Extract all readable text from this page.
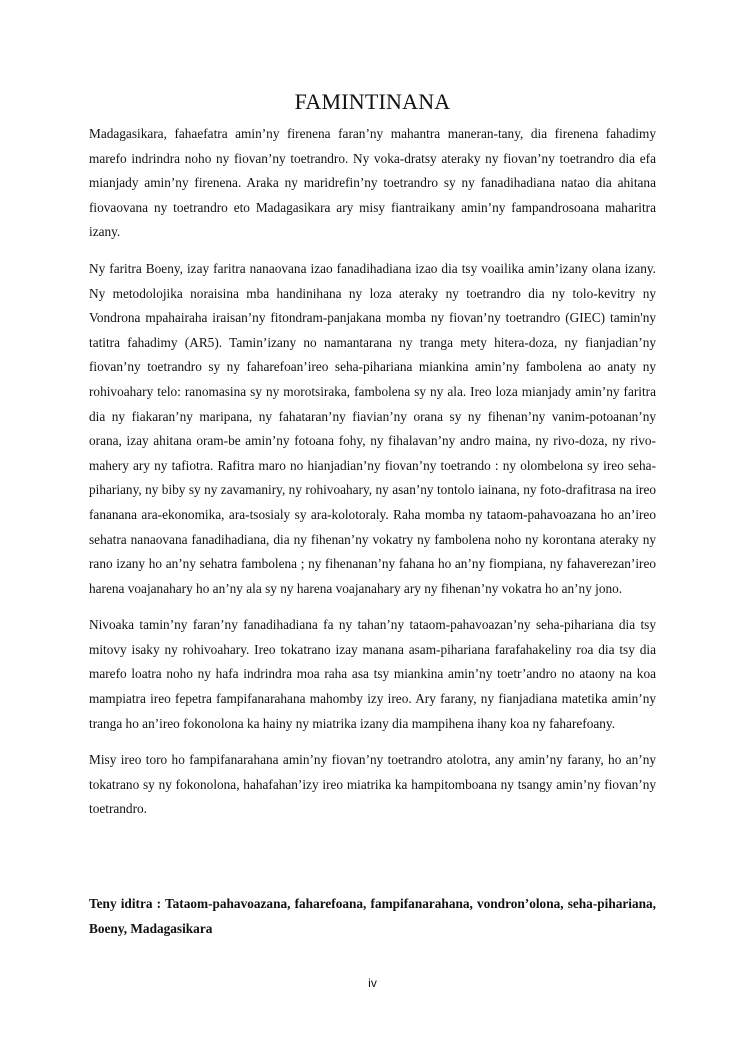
FAMINTINANA

Madagasikara, fahaefatra amin’ny firenena faran’ny mahantra maneran-tany, dia firenena fahadimy marefo indrindra noho ny fiovan’ny toetrandro. Ny voka-dratsy ateraky ny fiovan’ny toetrandro dia efa mianjady amin’ny firenena. Araka ny maridrefin’ny toetrandro sy ny fanadihadiana natao dia ahitana fiovaovana ny toetrandro eto Madagasikara ary misy fiantraikany amin’ny fampandrosoana maharitra izany.

Ny faritra Boeny, izay faritra nanaovana izao fanadihadiana izao dia tsy voailika amin’izany olana izany. Ny metodolojika noraisina mba handinihana ny loza ateraky ny toetrandro dia ny tolo-kevitry ny Vondrona mpahairaha iraisan’ny fitondram-panjakana momba ny fiovan’ny toetrandro (GIEC) tamin'ny tatitra fahadimy (AR5). Tamin’izany no namantarana ny tranga mety hitera-doza, ny fianjadian’ny fiovan’ny toetrandro sy ny faharefoan’ireo seha-pihariana miankina amin’ny fambolena ao anaty ny rohivoahary telo: ranomasina sy ny morotsiraka, fambolena sy ny ala. Ireo loza mianjady amin’ny faritra dia ny fiakaran’ny maripana, ny fahataran’ny fiavian’ny orana sy ny fihenan’ny vanim-potoanan’ny orana, izay ahitana oram-be amin’ny fotoana fohy, ny fihalavan’ny andro maina, ny rivo-doza, ny rivo-mahery ary ny tafiotra. Rafitra maro no hianjadian’ny fiovan’ny toetrando : ny olombelona sy ireo seha-pihariany, ny biby sy ny zavamaniry, ny rohivoahary, ny asan’ny tontolo iainana, ny foto-drafitrasa na ireo fananana ara-ekonomika, ara-tsosialy sy ara-kolotoraly. Raha momba ny tataom-pahavoazana ho an’ireo sehatra nanaovana fanadihadiana, dia ny fihenan’ny vokatry ny fambolena noho ny korontana ateraky ny rano izany ho an’ny sehatra fambolena ; ny fihenanan’ny fahana ho an’ny fiompiana, ny fahaverezan’ireo harena voajanahary ho an’ny ala sy ny harena voajanahary ary ny fihenan’ny vokatra ho an’ny jono.

Nivoaka tamin’ny faran’ny fanadihadiana fa ny tahan’ny tataom-pahavoazan’ny seha-pihariana dia tsy mitovy isaky ny rohivoahary. Ireo tokatrano izay manana asam-pihariana farafahakeliny roa dia tsy dia marefo loatra noho ny hafa indrindra moa raha asa tsy miankina amin’ny toetr’andro no ataony na koa mampiatra ireo fepetra fampifanarahana mahomby izy ireo. Ary farany, ny fianjadiana matetika amin’ny tranga ho an’ireo fokonolona ka hainy ny miatrika izany dia mampihena ihany koa ny faharefoany.

Misy ireo toro ho fampifanarahana amin’ny fiovan’ny toetrandro atolotra, any amin’ny farany, ho an’ny tokatrano sy ny fokonolona, hahafahan’izy ireo miatrika ka hampitomboana ny tsangy amin’ny fiovan’ny toetrandro.

Teny iditra : Tataom-pahavoazana, faharefoana, fampifanarahana, vondron’olona, seha-pihariana, Boeny, Madagasikara

iv
